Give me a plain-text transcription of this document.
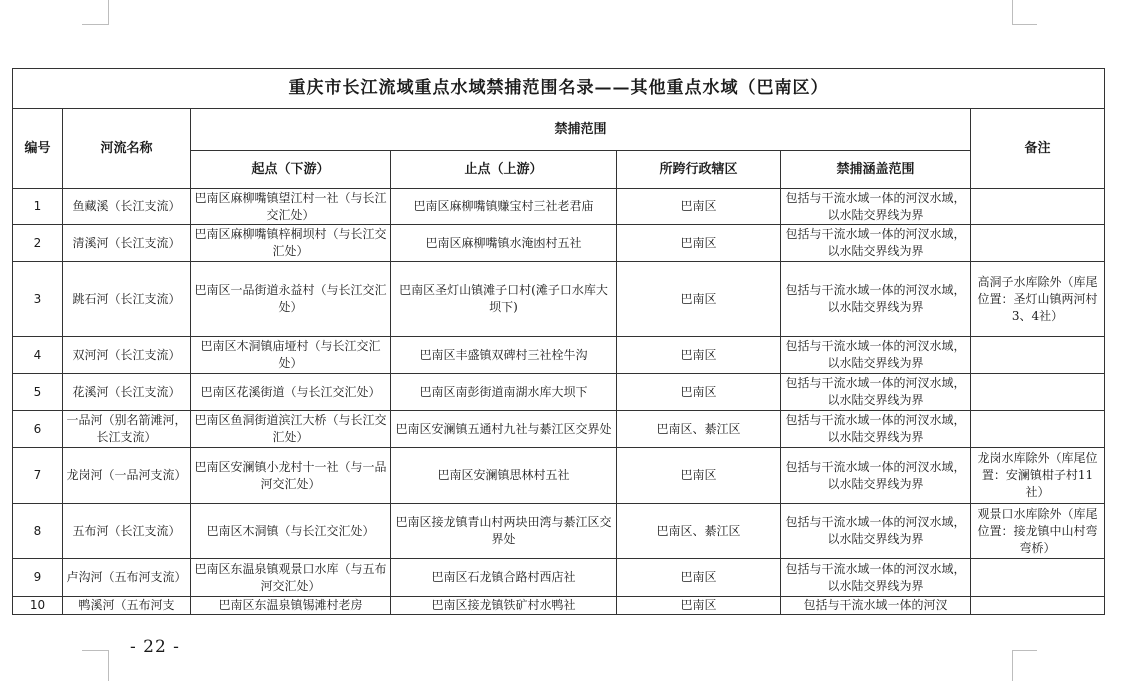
重庆市长江流域重点水域禁捕范围名录——其他重点水域（巴南区）						
编号	河流名称	禁捕范围				备注
		起点（下游）	止点（上游）	所跨行政辖区	禁捕涵盖范围	
1	鱼藏溪（长江支流）	巴南区麻柳嘴镇望江村一社（与长江交汇处）	巴南区麻柳嘴镇赚宝村三社老君庙	巴南区	包括与干流水域一体的河汊水域，以水陆交界线为界	
2	清溪河（长江支流）	巴南区麻柳嘴镇梓桐坝村（与长江交汇处）	巴南区麻柳嘴镇水淹凼村五社	巴南区	包括与干流水域一体的河汊水域，以水陆交界线为界	
3	跳石河（长江支流）	巴南区一品街道永益村（与长江交汇处）	巴南区圣灯山镇滩子口村(滩子口水库大坝下)	巴南区	包括与干流水域一体的河汊水域，以水陆交界线为界	高洞子水库除外（库尾位置：圣灯山镇两河村3、4社）
4	双河河（长江支流）	巴南区木洞镇庙垭村（与长江交汇处）	巴南区丰盛镇双碑村三社栓牛沟	巴南区	包括与干流水域一体的河汊水域，以水陆交界线为界	
5	花溪河（长江支流）	巴南区花溪街道（与长江交汇处）	巴南区南彭街道南湖水库大坝下	巴南区	包括与干流水域一体的河汊水域，以水陆交界线为界	
6	一品河（别名箭滩河，长江支流）	巴南区鱼洞街道滨江大桥（与长江交汇处）	巴南区安澜镇五通村九社与綦江区交界处	巴南区、綦江区	包括与干流水域一体的河汊水域，以水陆交界线为界	
7	龙岗河（一品河支流）	巴南区安澜镇小龙村十一社（与一品河交汇处）	巴南区安澜镇思林村五社	巴南区	包括与干流水域一体的河汊水域，以水陆交界线为界	龙岗水库除外（库尾位置：安澜镇柑子村11社）
8	五布河（长江支流）	巴南区木洞镇（与长江交汇处）	巴南区接龙镇青山村两块田湾与綦江区交界处	巴南区、綦江区	包括与干流水域一体的河汊水域，以水陆交界线为界	观景口水库除外（库尾位置：接龙镇中山村弯弯桥）
9	卢沟河（五布河支流）	巴南区东温泉镇观景口水库（与五布河交汇处）	巴南区石龙镇合路村西店社	巴南区	包括与干流水域一体的河汊水域，以水陆交界线为界	
10	鸭溪河（五布河支	巴南区东温泉镇锡滩村老房	巴南区接龙镇铁矿村水鸭社	巴南区	包括与干流水域一体的河汊	
- 22 -
